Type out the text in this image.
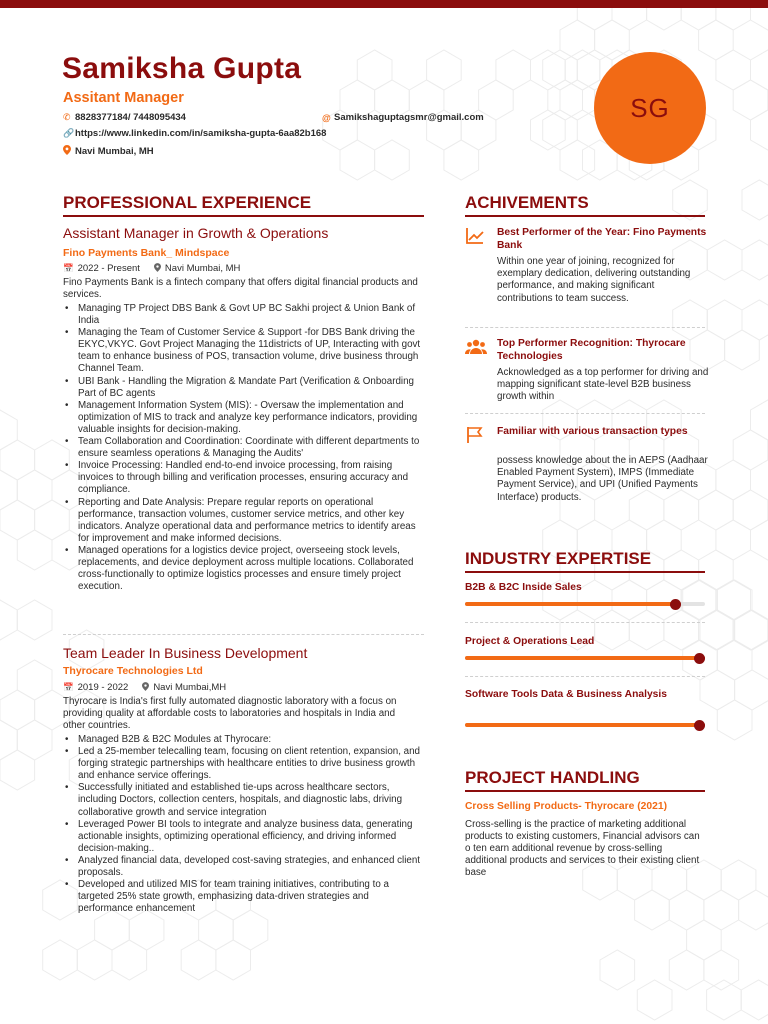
Samiksha Gupta
Assitant Manager
✆ 8828377184/ 7448095434	@ Samikshaguptagsmr@gmail.com
🔗 https://www.linkedin.com/in/samiksha-gupta-6aa82b168
Navi Mumbai, MH
SG
PROFESSIONAL EXPERIENCE
Assistant Manager in Growth & Operations
Fino Payments Bank_ Mindspace
📅 2022 - Present	Navi Mumbai, MH
Fino Payments Bank is a fintech company that offers digital financial products and services.
• Managing TP Project DBS Bank & Govt UP BC Sakhi project & Union Bank of India
• Managing the Team of Customer Service & Support -for DBS Bank driving the EKYC,VKYC. Govt Project Managing the 11districts of UP, Interacting with govt team to enhance business of POS, transaction volume, drive business through Channel Team.
• UBI Bank - Handling the Migration & Mandate Part (Verification & Onboarding Part of BC agents
• Management Information System (MIS): - Oversaw the implementation and optimization of MIS to track and analyze key performance indicators, providing valuable insights for decision-making.
• Team Collaboration and Coordination: Coordinate with different departments to ensure seamless operations & Managing the Audits'
• Invoice Processing: Handled end-to-end invoice processing, from raising invoices to through billing and verification processes, ensuring accuracy and compliance.
• Reporting and Date Analysis: Prepare regular reports on operational performance, transaction volumes, customer service metrics, and other key indicators. Analyze operational data and performance metrics to identify areas for improvement and make informed decisions.
• Managed operations for a logistics device project, overseeing stock levels, replacements, and device deployment across multiple locations. Collaborated cross-functionally to optimize logistics processes and ensure timely project execution.
Team Leader In Business Development
Thyrocare Technologies Ltd
📅 2019 - 2022	Navi Mumbai,MH
Thyrocare is India's first fully automated diagnostic laboratory with a focus on providing quality at affordable costs to laboratories and hospitals in India and other countries.
• Managed B2B & B2C Modules at Thyrocare:
• Led a 25-member telecalling team, focusing on client retention, expansion, and forging strategic partnerships with healthcare entities to drive business growth and enhance service offerings.
• Successfully initiated and established tie-ups across healthcare sectors, including Doctors, collection centers, hospitals, and diagnostic labs, driving collaborative growth and service integration
• Leveraged Power BI tools to integrate and analyze business data, generating actionable insights, optimizing operational efficiency, and driving informed decision-making..
• Analyzed financial data, developed cost-saving strategies, and enhanced client proposals.
• Developed and utilized MIS for team training initiatives, contributing to a targeted 25% state growth, emphasizing data-driven strategies and performance enhancement
ACHIVEMENTS
Best Performer of the Year: Fino Payments Bank
Within one year of joining, recognized for exemplary dedication, delivering outstanding performance, and making significant contributions to team success.
Top Performer Recognition: Thyrocare Technologies
Acknowledged as a top performer for driving and mapping significant state-level B2B business growth within
Familiar with various transaction types
possess knowledge about the in AEPS (Aadhaar Enabled Payment System), IMPS (Immediate Payment Service), and UPI (Unified Payments Interface) products.
INDUSTRY EXPERTISE
B2B & B2C Inside Sales
Project & Operations Lead
Software Tools Data & Business Analysis
PROJECT HANDLING
Cross Selling Products- Thyrocare (2021)
Cross-selling is the practice of marketing additional products to existing customers, Financial advisors can o ten earn additional revenue by cross-selling additional products and services to their existing client base
